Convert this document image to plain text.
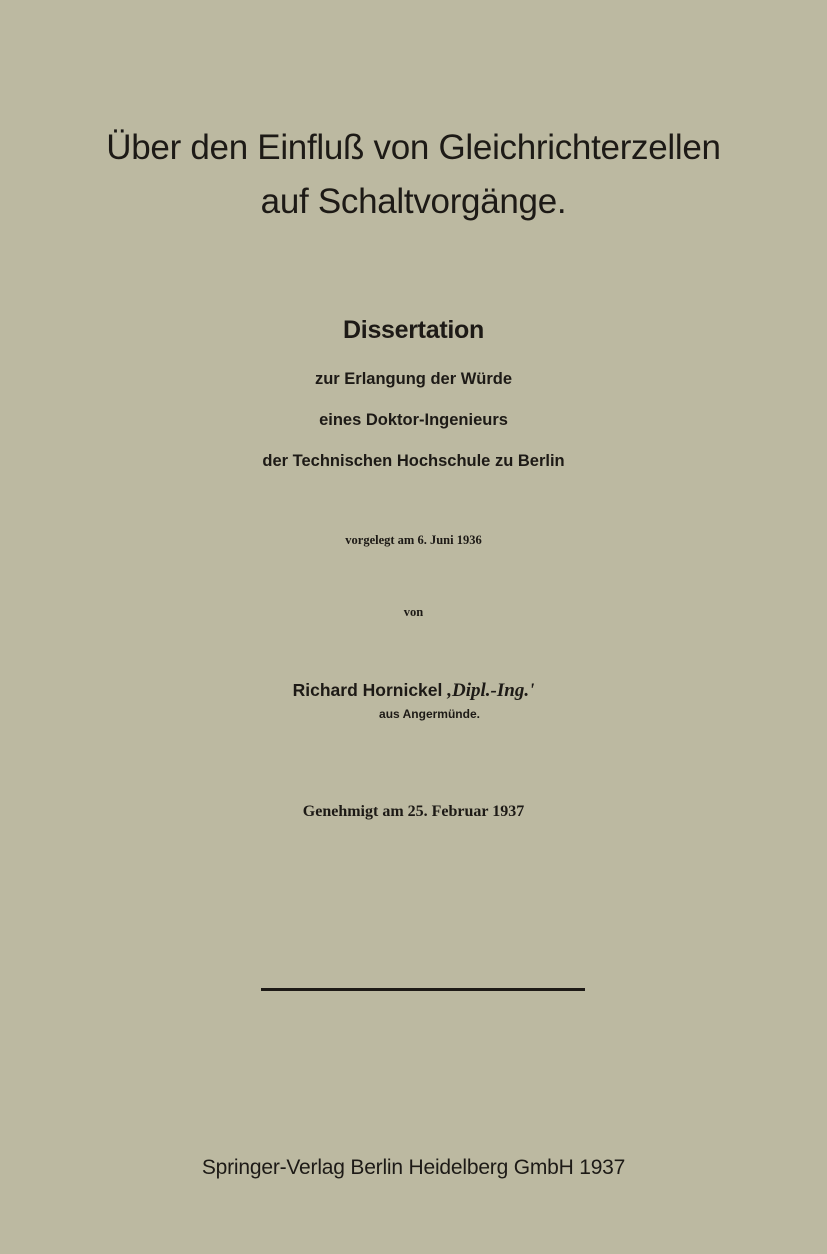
Über den Einfluß von Gleichrichterzellen
auf Schaltvorgänge.
Dissertation
zur Erlangung der Würde
eines Doktor-Ingenieurs
der Technischen Hochschule zu Berlin
vorgelegt am 6. Juni 1936
von
Richard Hornickel ,Dipl.-Ing.'
aus Angermünde.
Genehmigt am 25. Februar 1937
Springer-Verlag Berlin Heidelberg GmbH 1937
